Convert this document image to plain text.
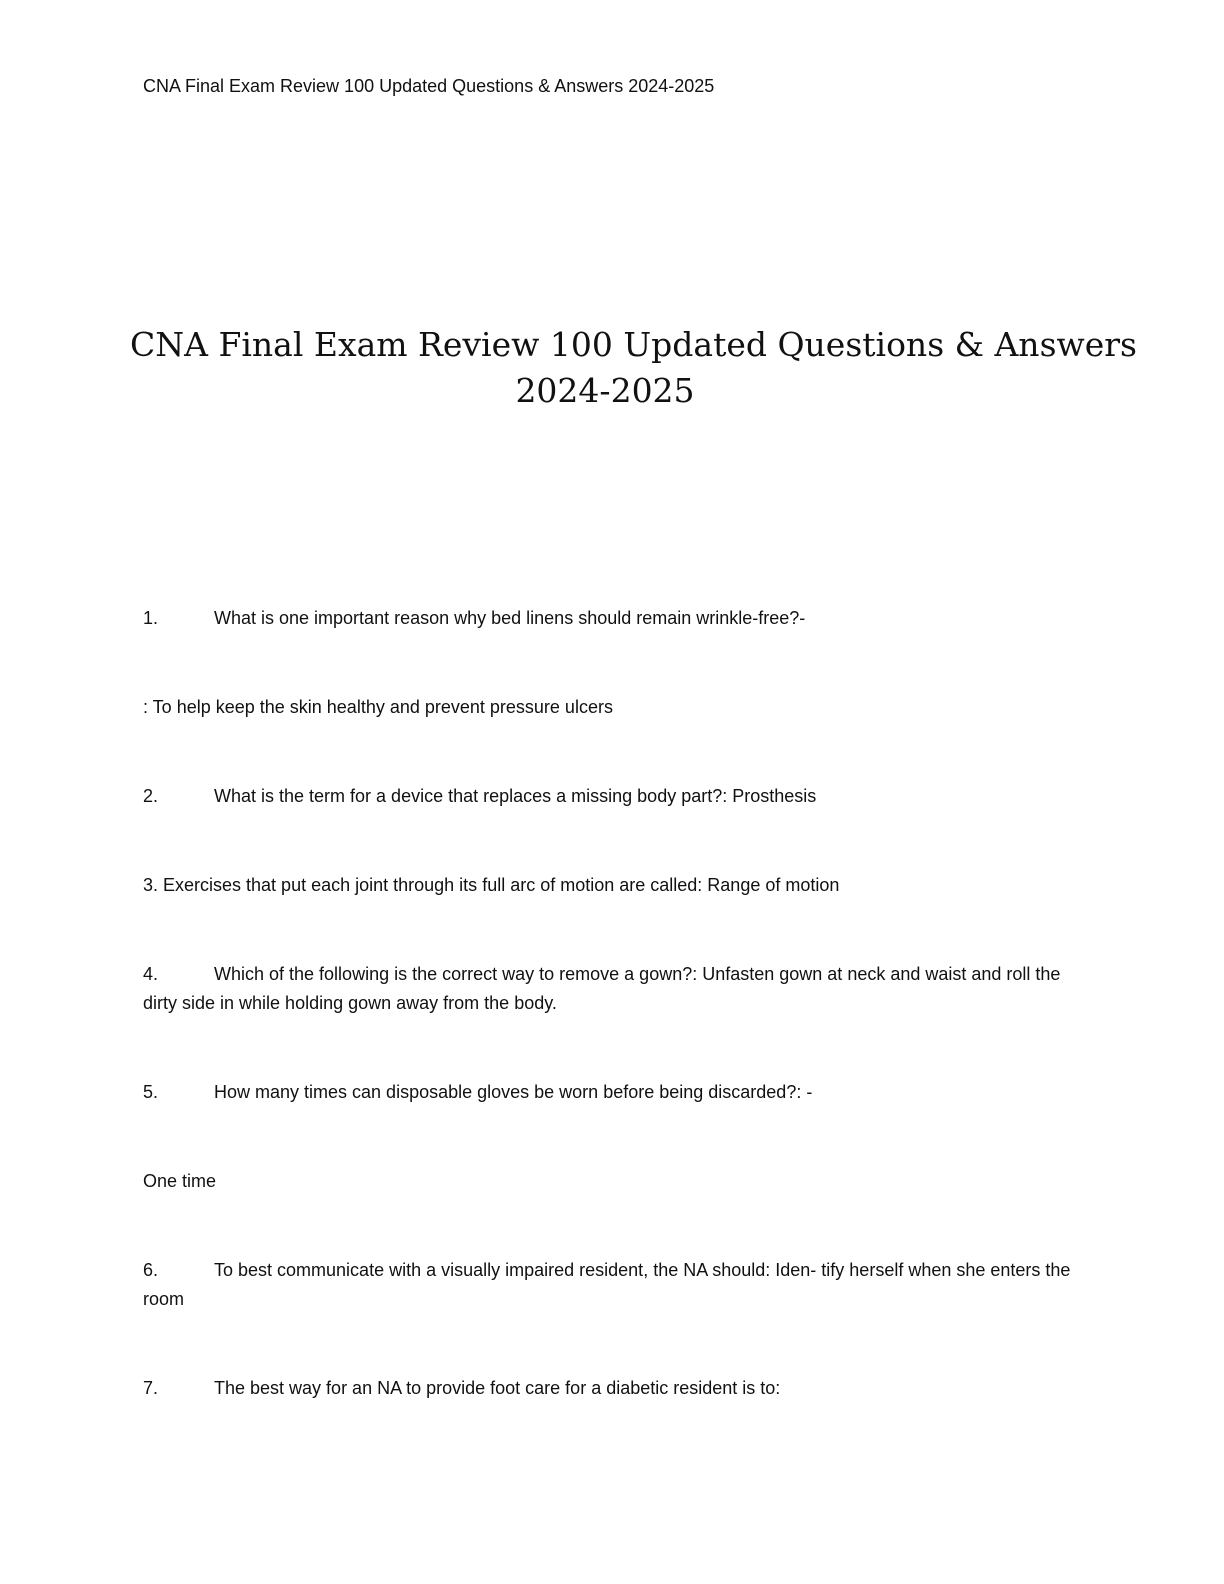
CNA Final Exam Review 100 Updated Questions & Answers 2024-2025
CNA Final Exam Review 100 Updated Questions & Answers
2024-2025

1.	What is one important reason why bed linens should remain wrinkle-free?-

: To help keep the skin healthy and prevent pressure ulcers

2.	What is the term for a device that replaces a missing body part?: Prosthesis

3. Exercises that put each joint through its full arc of motion are called: Range of motion

4.	Which of the following is the correct way to remove a gown?: Unfasten gown at neck and waist and roll the dirty side in while holding gown away from the body.

5.	How many times can disposable gloves be worn before being discarded?: -

One time

6.	To best communicate with a visually impaired resident, the NA should: Iden- tify herself when she enters the room

7.	The best way for an NA to provide foot care for a diabetic resident is to:
